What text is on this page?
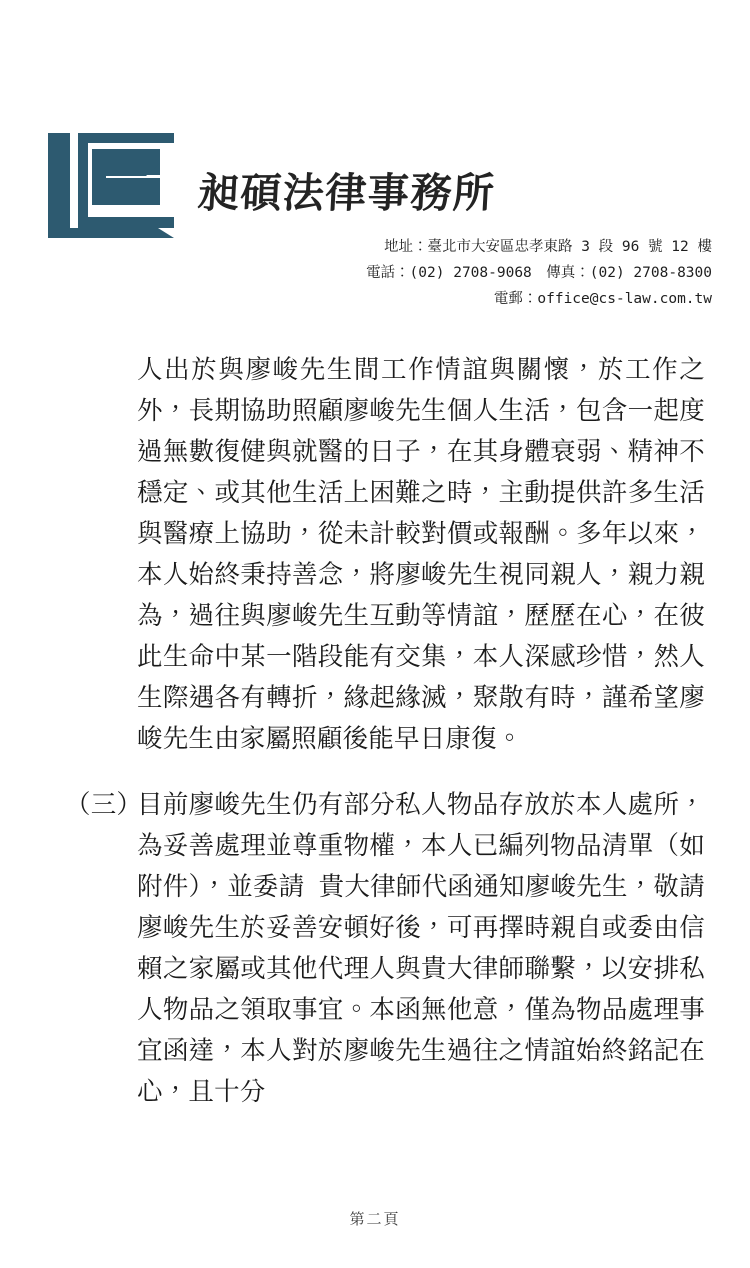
昶碩法律事務所
地址：臺北市大安區忠孝東路 3 段 96 號 12 樓
電話：(02) 2708-9068　傳真：(02) 2708-8300
電郵：office@cs-law.com.tw

人出於與廖峻先生間工作情誼與關懷，於工作之外，長期協助照顧廖峻先生個人生活，包含一起度過無數復健與就醫的日子，在其身體衰弱、精神不穩定、或其他生活上困難之時，主動提供許多生活與醫療上協助，從未計較對價或報酬。多年以來，本人始終秉持善念，將廖峻先生視同親人，親力親為，過往與廖峻先生互動等情誼，歷歷在心，在彼此生命中某一階段能有交集，本人深感珍惜，然人生際遇各有轉折，緣起緣滅，聚散有時，謹希望廖峻先生由家屬照顧後能早日康復。

（三）
目前廖峻先生仍有部分私人物品存放於本人處所，為妥善處理並尊重物權，本人已編列物品清單（如附件），並委請 貴大律師代函通知廖峻先生，敬請廖峻先生於妥善安頓好後，可再擇時親自或委由信賴之家屬或其他代理人與貴大律師聯繫，以安排私人物品之領取事宜。本函無他意，僅為物品處理事宜函達，本人對於廖峻先生過往之情誼始終銘記在心，且十分

第二頁
